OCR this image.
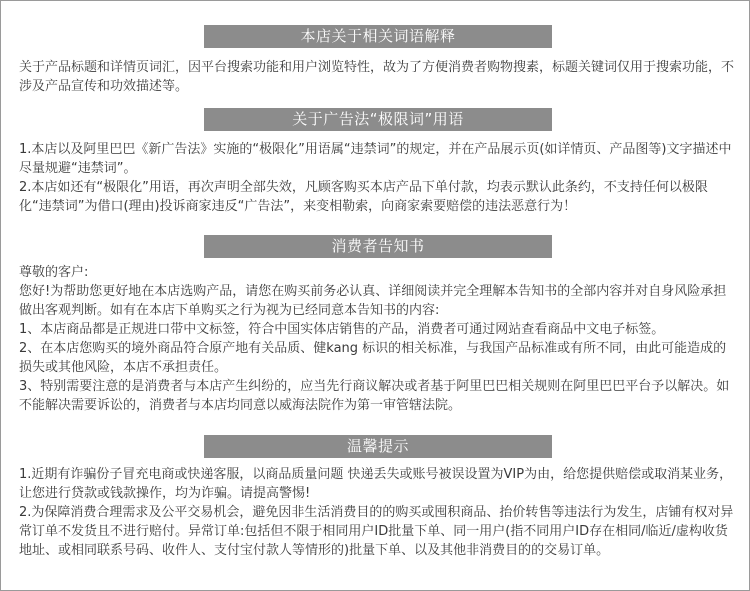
本店关于相关词语解释

关于产品标题和详情页词汇，因平台搜索功能和用户浏览特性，故为了方便消费者购物搜素，标题关键词仅用于搜索功能，不涉及产品宣传和功效描述等。

关于广告法“极限词”用语

1.本店以及阿里巴巴《新广告法》实施的“极限化”用语属“违禁词”的规定，并在产品展示页(如详情页、产品图等)文字描述中尽量规避“违禁词”。

2.本店如还有“极限化”用语，再次声明全部失效，凡顾客购买本店产品下单付款，均表示默认此条约，不支持任何以极限化“违禁词”为借口(理由)投诉商家违反“广告法”，来变相勒索，向商家索要赔偿的违法恶意行为！

消费者告知书

尊敬的客户:

您好!为帮助您更好地在本店选购产品，请您在购买前务必认真、详细阅读并完全理解本告知书的全部内容并对自身风险承担做出客观判断。如有在本店下单购买之行为视为已经同意本告知书的内容:

1、本店商品都是正规进口带中文标签，符合中国实体店销售的产品，消费者可通过网站查看商品中文电子标签。

2、在本店您购买的境外商品符合原产地有关品质、健kang 标识的相关标准，与我国产品标准或有所不同，由此可能造成的损失或其他风险，本店不承担责任。

3、特别需要注意的是消费者与本店产生纠纷的，应当先行商议解决或者基于阿里巴巴相关规则在阿里巴巴平台予以解决。如不能解决需要诉讼的，消费者与本店均同意以威海法院作为第一审管辖法院。

温馨提示

1.近期有诈骗份子冒充电商或快递客服，以商品质量问题 快递丢失或账号被误设置为VIP为由，给您提供赔偿或取消某业务，让您进行贷款或钱款操作，均为诈骗。请提高警惕!

2.为保障消费合理需求及公平交易机会，避免因非生活消费目的的购买或囤积商品、抬价转售等违法行为发生，店铺有权对异常订单不发货且不进行赔付。异常订单:包括但不限于相同用户ID批量下单、同一用户(指不同用户ID存在相同/临近/虚构收货地址、或相同联系号码、收件人、支付宝付款人等情形的)批量下单、以及其他非消费目的的交易订单。
